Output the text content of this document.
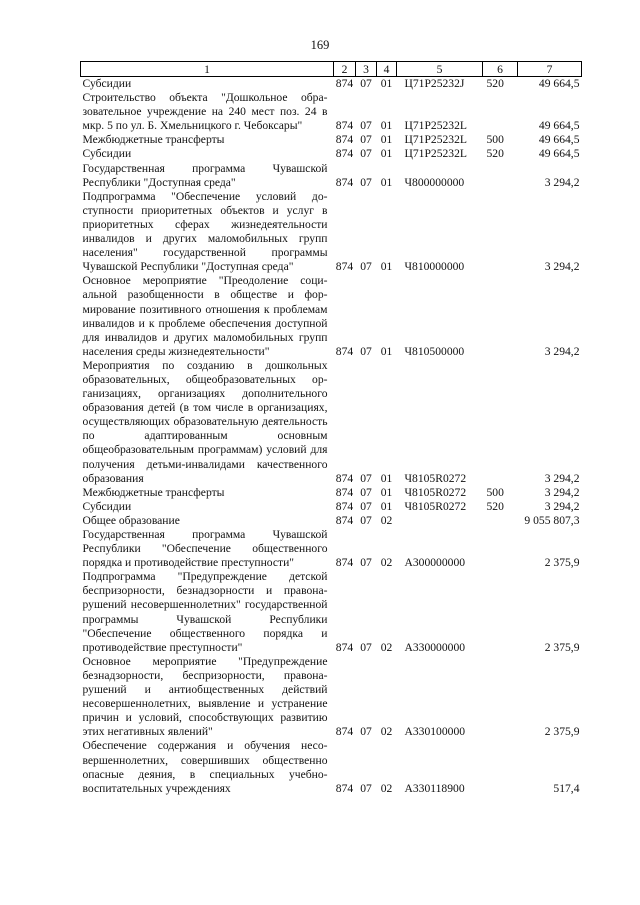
169
1	2	3	4	5	6	7
Субсидии	874	07	01	Ц71Р25232J	520	49 664,5
Строительство объекта "Дошкольное образовательное учреждение на 240 мест поз. 24 в мкр. 5 по ул. Б. Хмельницкого г. Чебоксары"	874	07	01	Ц71Р25232L		49 664,5
Межбюджетные трансферты	874	07	01	Ц71Р25232L	500	49 664,5
Субсидии	874	07	01	Ц71Р25232L	520	49 664,5
Государственная программа Чувашской Республики "Доступная среда"	874	07	01	Ч800000000		3 294,2
Подпрограмма "Обеспечение условий доступности приоритетных объектов и услуг в приоритетных сферах жизнедеятельности инвалидов и других маломобильных групп населения" государственной программы Чувашской Республики "Доступная среда"	874	07	01	Ч810000000		3 294,2
Основное мероприятие "Преодоление социальной разобщенности в обществе и формирование позитивного отношения к проблемам инвалидов и к проблеме обеспечения доступной для инвалидов и других маломобильных групп населения среды жизнедеятельности"	874	07	01	Ч810500000		3 294,2
Мероприятия по созданию в дошкольных образовательных, общеобразовательных организациях, организациях дополнительного образования детей (в том числе в организациях, осуществляющих образовательную деятельность по адаптированным основным общеобразовательным программам) условий для получения детьми-инвалидами качественного образования	874	07	01	Ч8105R0272		3 294,2
Межбюджетные трансферты	874	07	01	Ч8105R0272	500	3 294,2
Субсидии	874	07	01	Ч8105R0272	520	3 294,2
Общее образование	874	07	02			9 055 807,3
Государственная программа Чувашской Республики "Обеспечение общественного порядка и противодействие преступности"	874	07	02	А300000000		2 375,9
Подпрограмма "Предупреждение детской беспризорности, безнадзорности и правонарушений несовершеннолетних" государственной программы Чувашской Республики "Обеспечение общественного порядка и противодействие преступности"	874	07	02	А330000000		2 375,9
Основное мероприятие "Предупреждение безнадзорности, беспризорности, правонарушений и антиобщественных действий несовершеннолетних, выявление и устранение причин и условий, способствующих развитию этих негативных явлений"	874	07	02	А330100000		2 375,9
Обеспечение содержания и обучения несовершеннолетних, совершивших общественно опасные деяния, в специальных учебно-воспитательных учреждениях	874	07	02	А330118900		517,4
